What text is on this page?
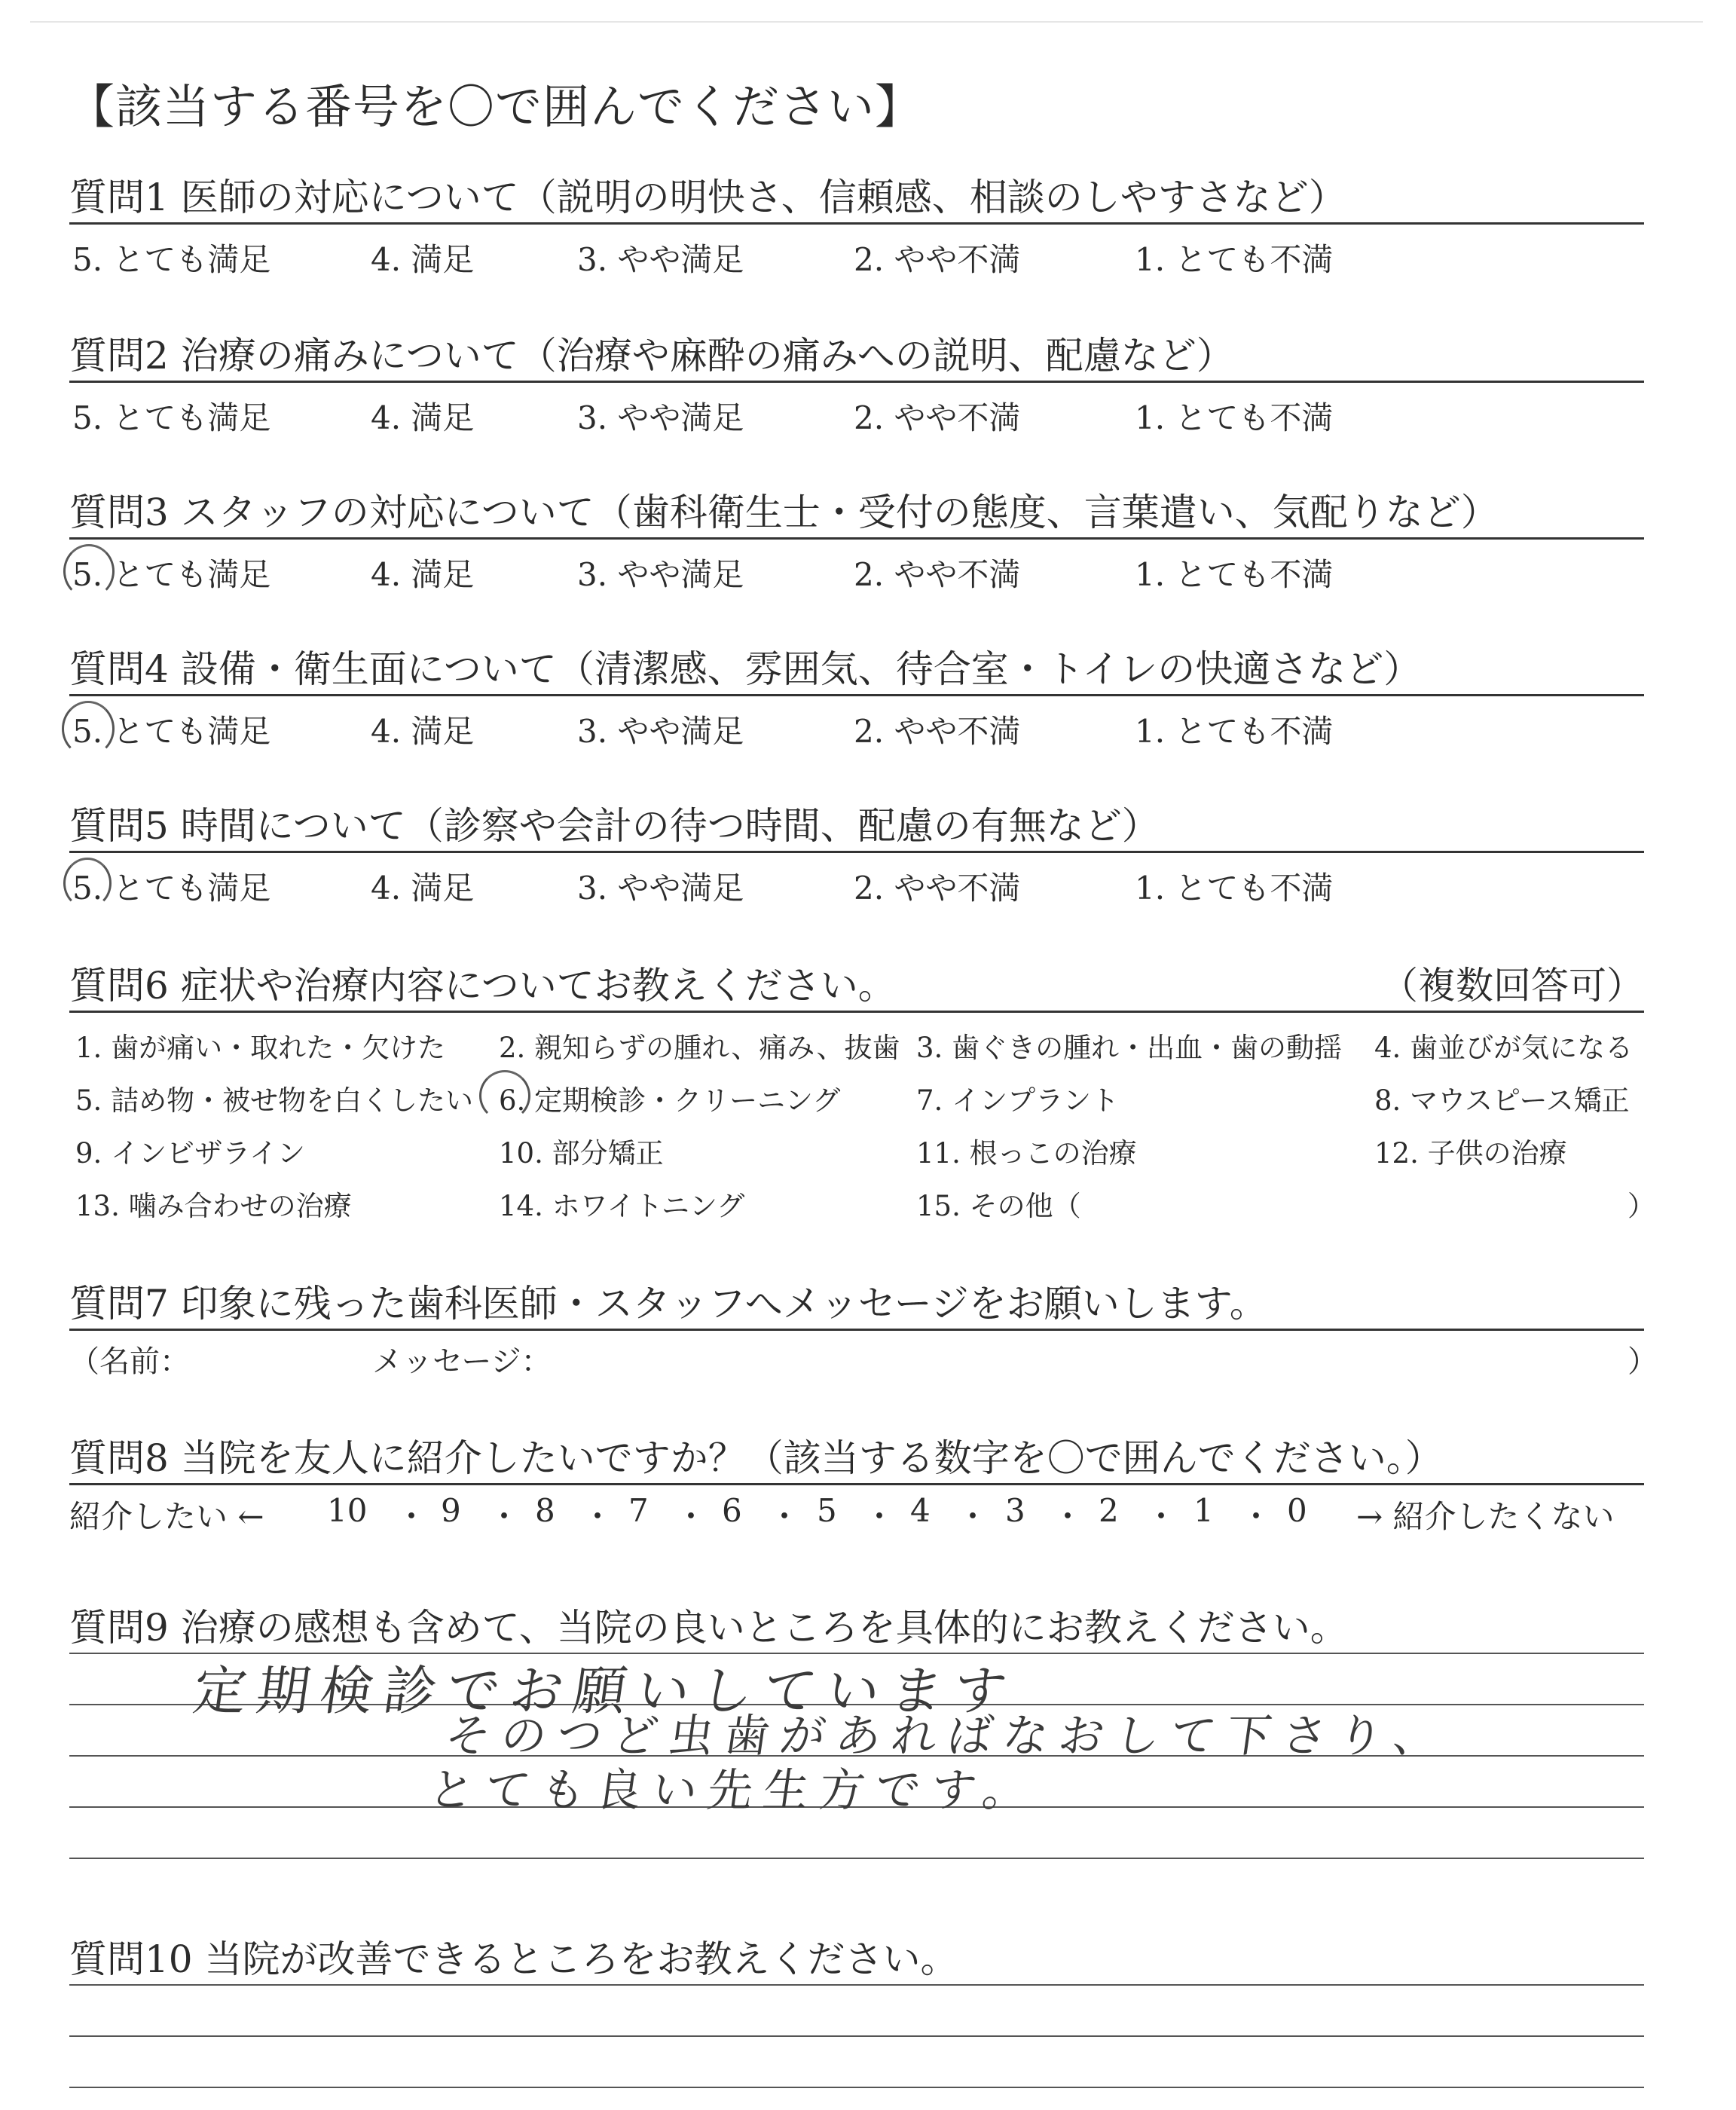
【該当する番号を〇で囲んでください】
質問1 医師の対応について（説明の明快さ、信頼感、相談のしやすさなど）
5. とても満足	4. 満足	3. やや満足	2. やや不満	1. とても不満
質問2 治療の痛みについて（治療や麻酔の痛みへの説明、配慮など）
5. とても満足	4. 満足	3. やや満足	2. やや不満	1. とても不満
質問3 スタッフの対応について（歯科衛生士・受付の態度、言葉遣い、気配りなど）
5. とても満足	4. 満足	3. やや満足	2. やや不満	1. とても不満
質問4 設備・衛生面について（清潔感、雰囲気、待合室・トイレの快適さなど）
5. とても満足	4. 満足	3. やや満足	2. やや不満	1. とても不満
質問5 時間について（診察や会計の待つ時間、配慮の有無など）
5. とても満足	4. 満足	3. やや満足	2. やや不満	1. とても不満
質問6 症状や治療内容についてお教えください。	（複数回答可）
1. 歯が痛い・取れた・欠けた 2. 親知らずの腫れ、痛み、抜歯 3. 歯ぐきの腫れ・出血・歯の動揺 4. 歯並びが気になる
5. 詰め物・被せ物を白くしたい 6. 定期検診・クリーニング	7. インプラント	8. マウスピース矯正
9. インビザライン	10. 部分矯正	11. 根っこの治療	12. 子供の治療
13. 噛み合わせの治療	14. ホワイトニング	15. その他（	）
質問7 印象に残った歯科医師・スタッフへメッセージをお願いします。
（名前：	メッセージ：	）
質問8 当院を友人に紹介したいですか？（該当する数字を〇で囲んでください。）
紹介したい ← 10 ・ 9 ・ 8 ・ 7 ・ 6 ・ 5 ・ 4 ・ 3 ・ 2 ・ 1 ・ 0 → 紹介したくない
質問9 治療の感想も含めて、当院の良いところを具体的にお教えください。
定期検診でお願いしています
そのつど虫歯があればなおして下さり、
とても良い先生方です。
質問10 当院が改善できるところをお教えください。
